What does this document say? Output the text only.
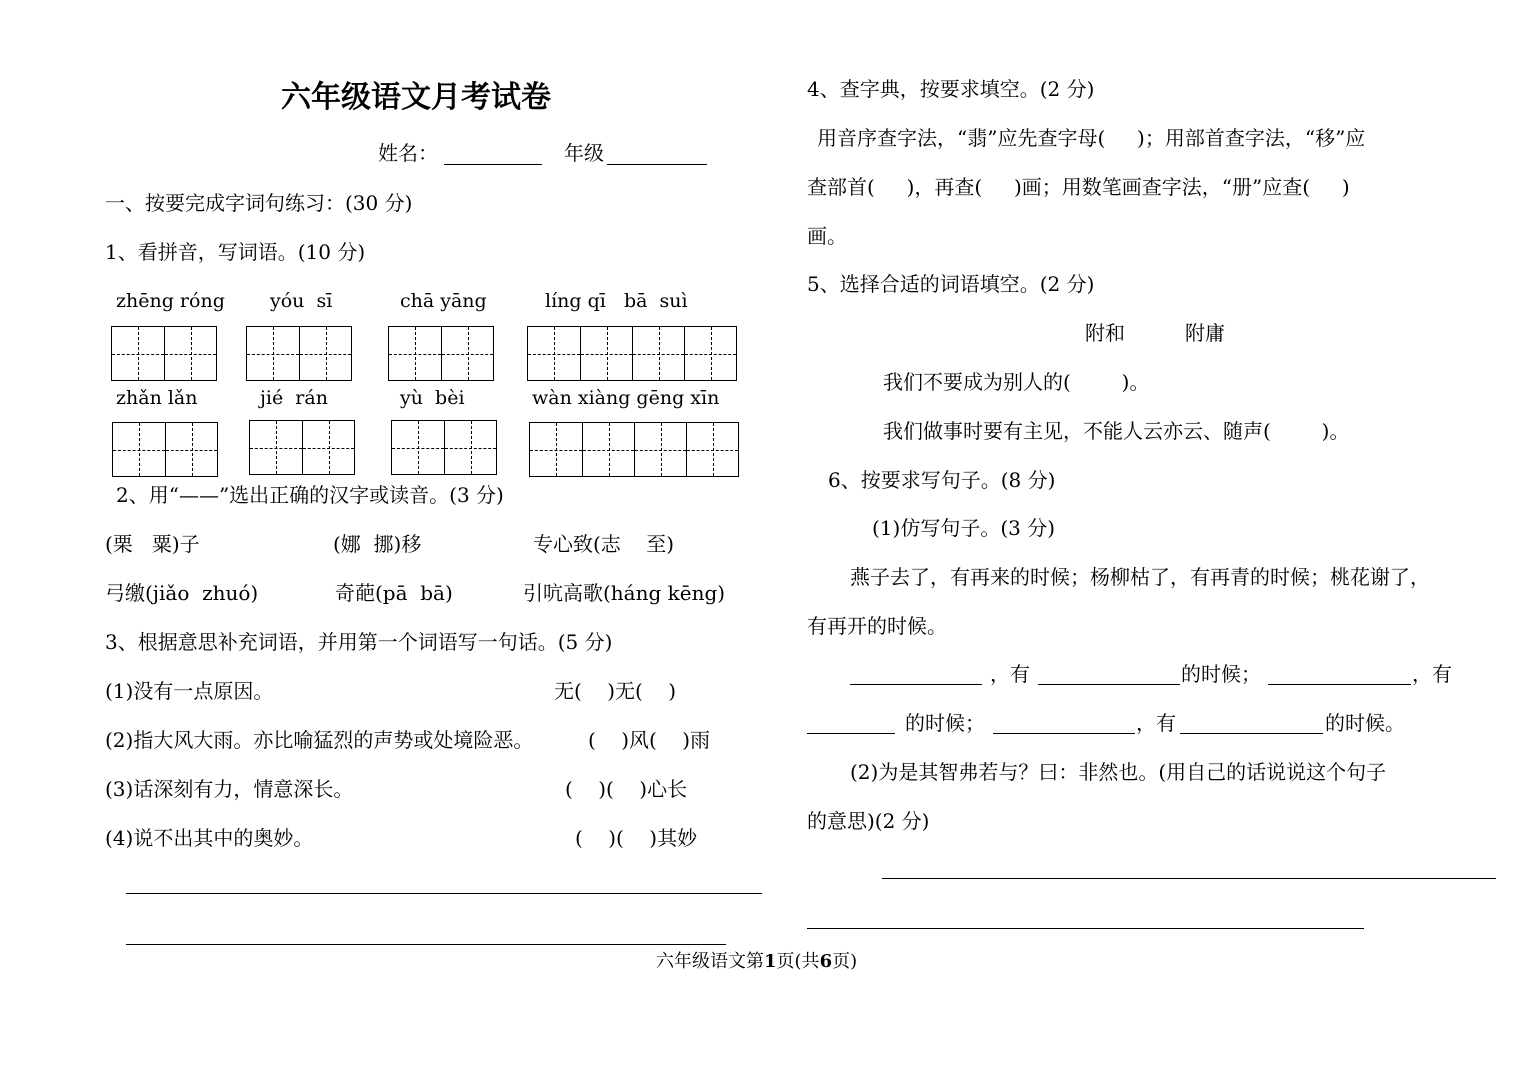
六年级语文月考试卷
姓名：	年级
一、按要完成字词句练习：(30 分)
1、看拼音，写词语。(10 分)
zhēng róng yóu  sī	chā yāng	líng qī   bā  suì
zhǎn lǎn	jié  rán	yù  bèi	wàn xiàng gēng xīn
2、用“——”选出正确的汉字或读音。(3 分)
(栗   粟)子	(娜  挪)移	专心致(志    至)
弓缴(jiǎo  zhuó)	奇葩(pā  bā)	引吭高歌(háng kēng)
3、根据意思补充词语，并用第一个词语写一句话。(5 分)
(1)没有一点原因。	无(    )无(    )
(2)指大风大雨。亦比喻猛烈的声势或处境险恶。	(    )风(    )雨
(3)话深刻有力，情意深长。	(    )(    )心长
(4)说不出其中的奥妙。	(    )(    )其妙
4、查字典，按要求填空。(2 分)
用音序查字法，“翡”应先查字母(     )；用部首查字法，“移”应
查部首(     )，再查(     )画；用数笔画查字法，“册”应查(     )
画。
5、选择合适的词语填空。(2 分)
附和	附庸
我们不要成为别人的(        )。
我们做事时要有主见，不能人云亦云、随声(        )。
6、按要求写句子。(8 分)
(1)仿写句子。(3 分)
燕子去了，有再来的时候；杨柳枯了，有再青的时候；桃花谢了，
有再开的时候。
，有	的时候；	，有
的时候；	，有	的时候。
(2)为是其智弗若与？曰：非然也。(用自己的话说说这个句子
的意思)(2 分)
六年级语文第1页(共6页)
